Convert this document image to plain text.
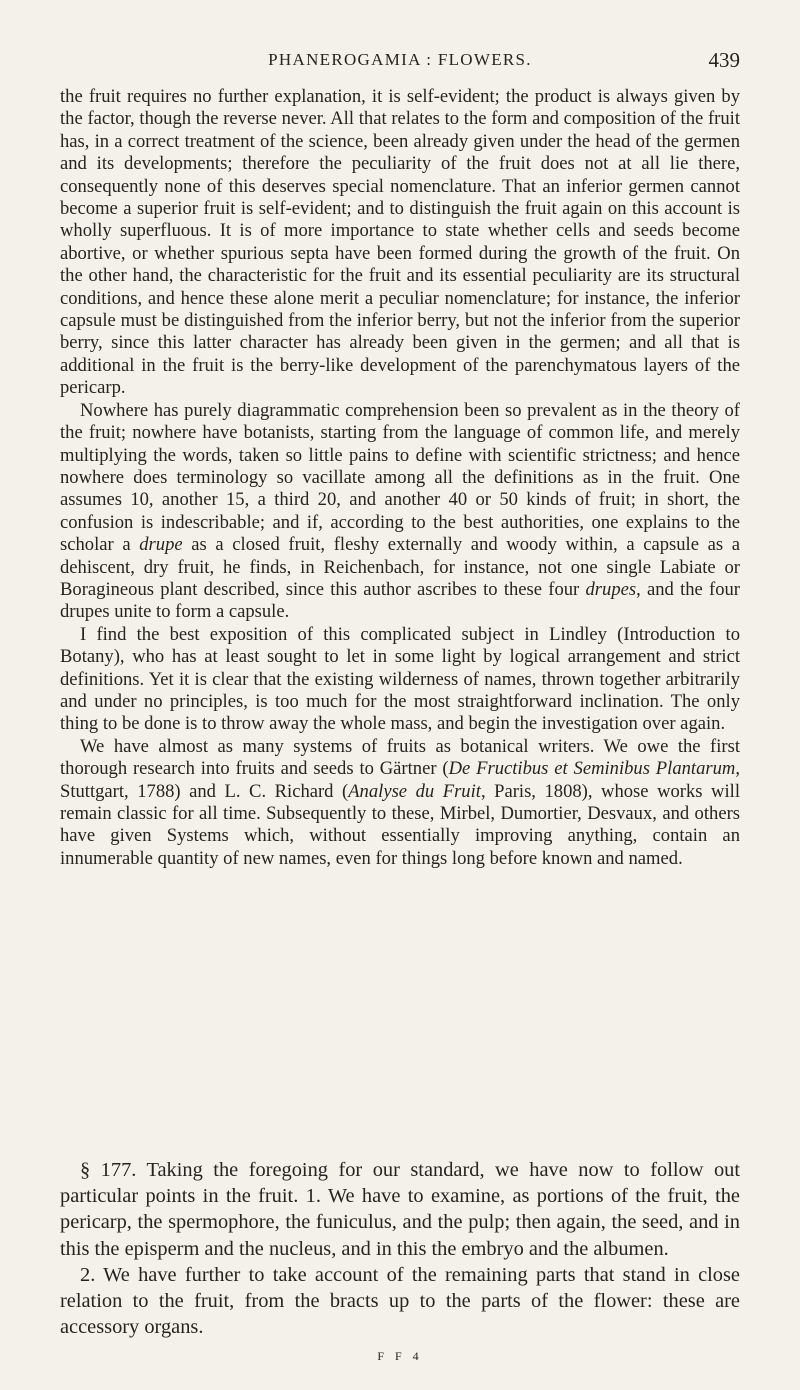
PHANEROGAMIA : FLOWERS.	439

the fruit requires no further explanation, it is self-evident; the product is always given by the factor, though the reverse never. All that relates to the form and composition of the fruit has, in a correct treatment of the science, been already given under the head of the germen and its developments; therefore the peculiarity of the fruit does not at all lie there, consequently none of this deserves special nomenclature. That an inferior germen cannot become a superior fruit is self-evident; and to distinguish the fruit again on this account is wholly superfluous. It is of more importance to state whether cells and seeds become abortive, or whether spurious septa have been formed during the growth of the fruit. On the other hand, the characteristic for the fruit and its essential peculiarity are its structural conditions, and hence these alone merit a peculiar nomenclature; for instance, the inferior capsule must be distinguished from the inferior berry, but not the inferior from the superior berry, since this latter character has already been given in the germen; and all that is additional in the fruit is the berry-like development of the parenchymatous layers of the pericarp.

Nowhere has purely diagrammatic comprehension been so prevalent as in the theory of the fruit; nowhere have botanists, starting from the language of common life, and merely multiplying the words, taken so little pains to define with scientific strictness; and hence nowhere does terminology so vacillate among all the definitions as in the fruit. One assumes 10, another 15, a third 20, and another 40 or 50 kinds of fruit; in short, the confusion is indescribable; and if, according to the best authorities, one explains to the scholar a drupe as a closed fruit, fleshy externally and woody within, a capsule as a dehiscent, dry fruit, he finds, in Reichenbach, for instance, not one single Labiate or Boragineous plant described, since this author ascribes to these four drupes, and the four drupes unite to form a capsule.

I find the best exposition of this complicated subject in Lindley (Introduction to Botany), who has at least sought to let in some light by logical arrangement and strict definitions. Yet it is clear that the existing wilderness of names, thrown together arbitrarily and under no principles, is too much for the most straightforward inclination. The only thing to be done is to throw away the whole mass, and begin the investigation over again.

We have almost as many systems of fruits as botanical writers. We owe the first thorough research into fruits and seeds to Gärtner (De Fructibus et Seminibus Plantarum, Stuttgart, 1788) and L. C. Richard (Analyse du Fruit, Paris, 1808), whose works will remain classic for all time. Subsequently to these, Mirbel, Dumortier, Desvaux, and others have given Systems which, without essentially improving anything, contain an innumerable quantity of new names, even for things long before known and named.

§ 177. Taking the foregoing for our standard, we have now to follow out particular points in the fruit. 1. We have to examine, as portions of the fruit, the pericarp, the spermophore, the funiculus, and the pulp; then again, the seed, and in this the episperm and the nucleus, and in this the embryo and the albumen.

2. We have further to take account of the remaining parts that stand in close relation to the fruit, from the bracts up to the parts of the flower: these are accessory organs.

F F 4
